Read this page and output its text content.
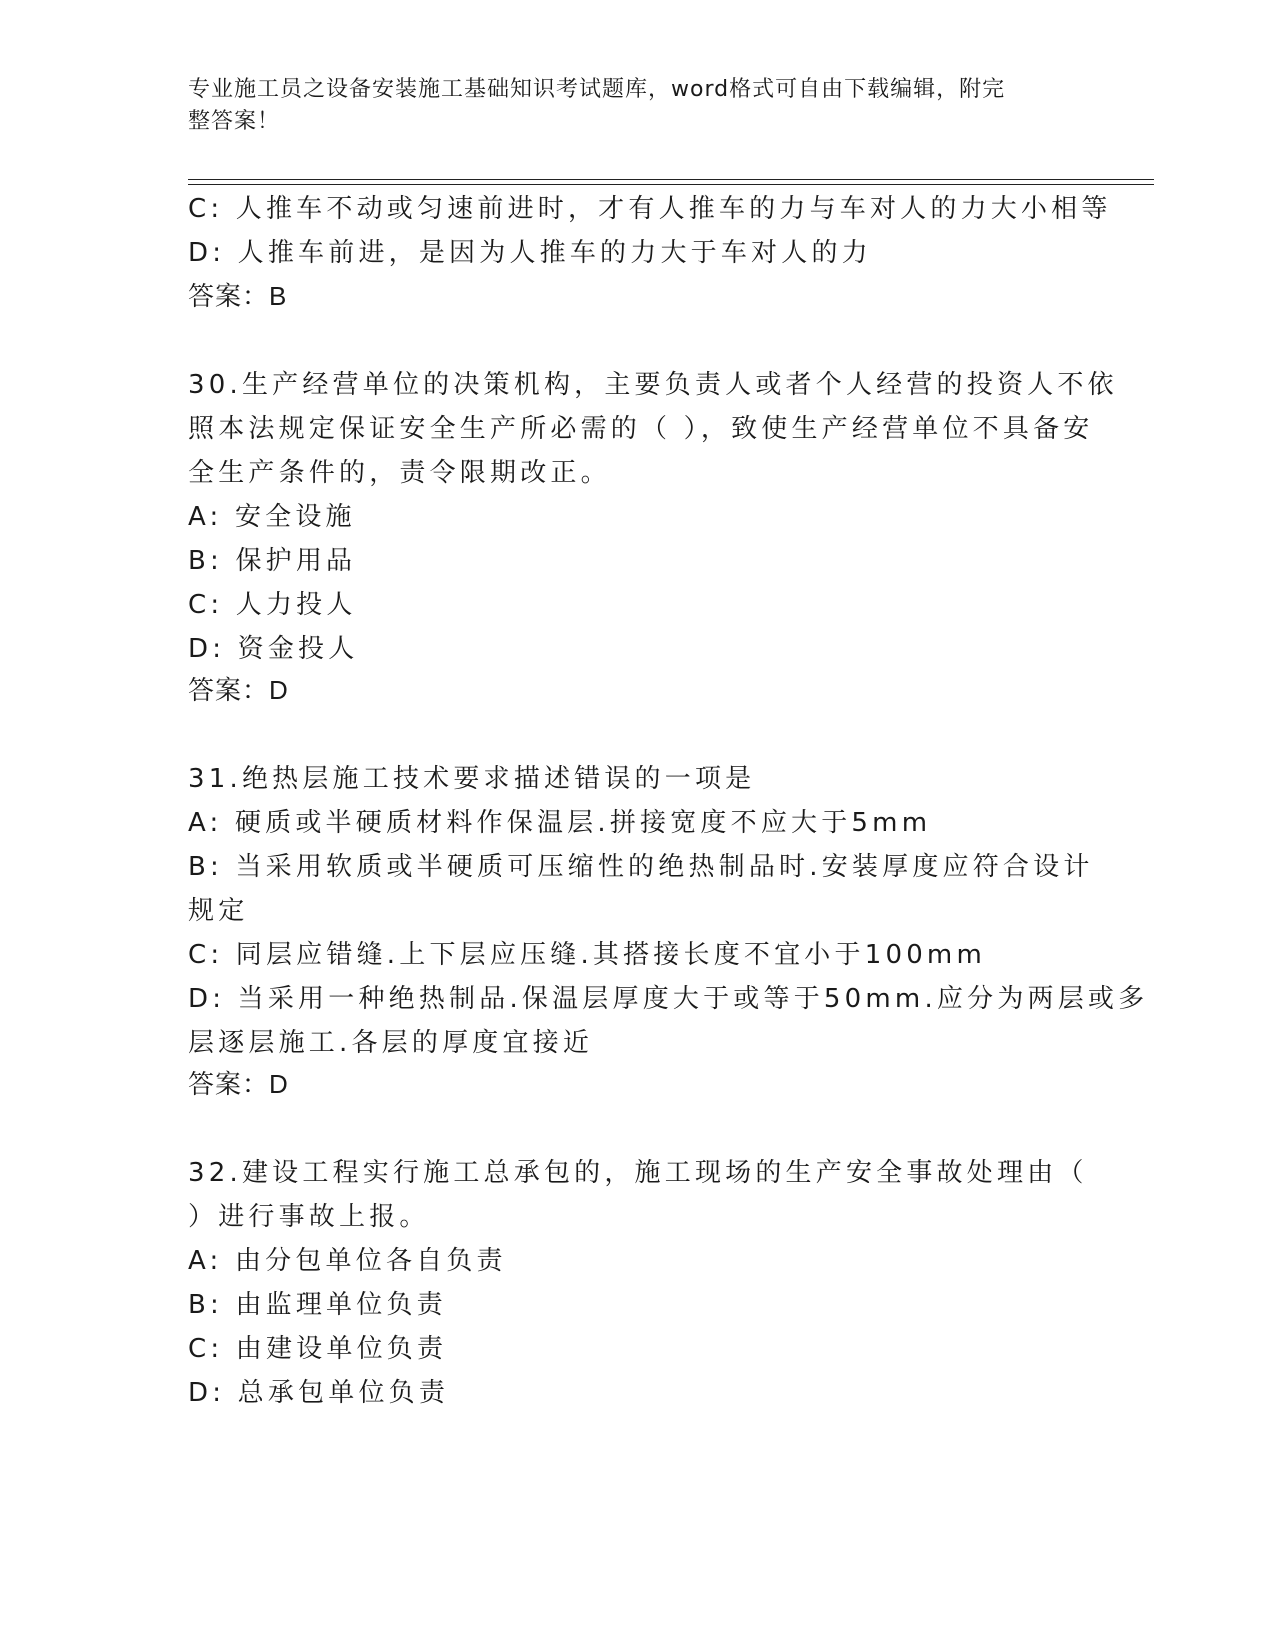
专业施工员之设备安装施工基础知识考试题库，word格式可自由下载编辑，附完
整答案！
C: 人推车不动或匀速前进时，才有人推车的力与车对人的力大小相等
D: 人推车前进，是因为人推车的力大于车对人的力
答案：B
30.生产经营单位的决策机构，主要负责人或者个人经营的投资人不依
照本法规定保证安全生产所必需的（ ），致使生产经营单位不具备安
全生产条件的，责令限期改正。
A: 安全设施
B: 保护用品
C: 人力投人
D: 资金投人
答案：D
31.绝热层施工技术要求描述错误的一项是
A: 硬质或半硬质材料作保温层.拼接宽度不应大于5mm
B: 当采用软质或半硬质可压缩性的绝热制品时.安装厚度应符合设计
规定
C: 同层应错缝.上下层应压缝.其搭接长度不宜小于100mm
D: 当采用一种绝热制品.保温层厚度大于或等于50mm.应分为两层或多
层逐层施工.各层的厚度宜接近
答案：D
32.建设工程实行施工总承包的，施工现场的生产安全事故处理由（
）进行事故上报。
A: 由分包单位各自负责
B: 由监理单位负责
C: 由建设单位负责
D: 总承包单位负责
